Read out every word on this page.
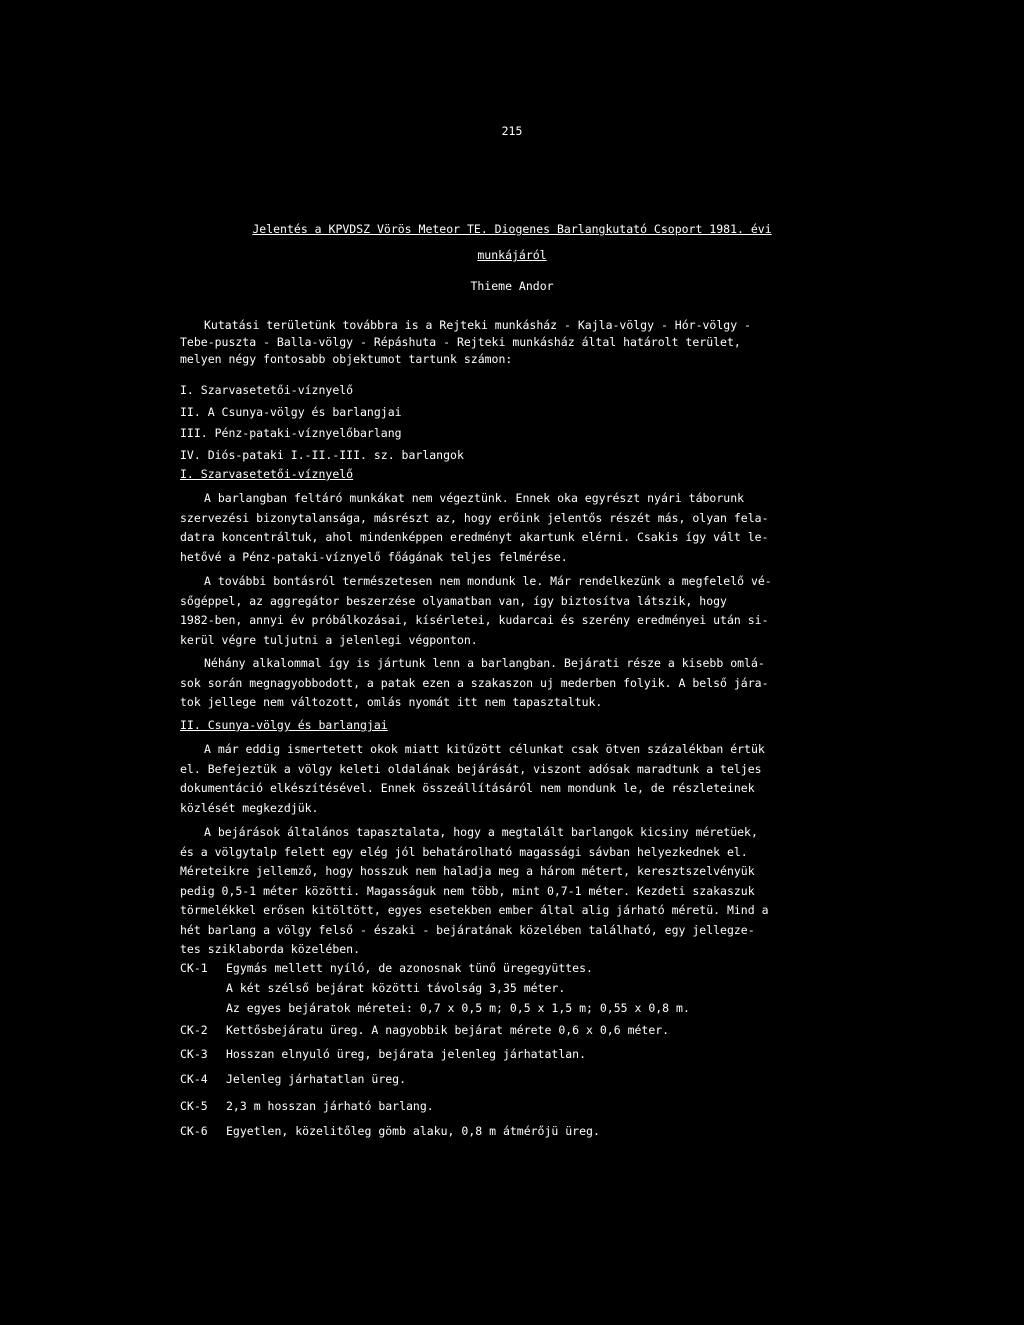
215
Jelentés a KPVDSZ Vörös Meteor TE. Diogenes Barlangkutató Csoport 1981. évi
munkájáról
Thieme Andor
Kutatási területünk továbbra is a Rejteki munkásház - Kajla-völgy - Hór-völgy -
Tebe-puszta - Balla-völgy - Répáshuta - Rejteki munkásház által határolt terület,
melyen négy fontosabb objektumot tartunk számon:
I. Szarvasetetői-víznyelő
II. A Csunya-völgy és barlangjai
III. Pénz-pataki-víznyelőbarlang
IV. Diós-pataki I.-II.-III. sz. barlangok
I. Szarvasetetői-víznyelő
A barlangban feltáró munkákat nem végeztünk. Ennek oka egyrészt nyári táborunk
szervezési bizonytalansága, másrészt az, hogy erőink jelentős részét más, olyan fela-
datra koncentráltuk, ahol mindenképpen eredményt akartunk elérni. Csakis így vált le-
hetővé a Pénz-pataki-víznyelő főágának teljes felmérése.
A további bontásról természetesen nem mondunk le. Már rendelkezünk a megfelelő vé-
sőgéppel, az aggregátor beszerzése olyamatban van, így biztosítva látszik, hogy
1982-ben, annyi év próbálkozásai, kísérletei, kudarcai és szerény eredményei után si-
kerül végre tuljutni a jelenlegi végponton.
Néhány alkalommal így is jártunk lenn a barlangban. Bejárati része a kisebb omlá-
sok során megnagyobbodott, a patak ezen a szakaszon uj mederben folyik. A belső jára-
tok jellege nem változott, omlás nyomát itt nem tapasztaltuk.
II. Csunya-völgy és barlangjai
A már eddig ismertetett okok miatt kitűzött célunkat csak ötven százalékban értük
el. Befejeztük a völgy keleti oldalának bejárását, viszont adósak maradtunk a teljes
dokumentáció elkészítésével. Ennek összeállításáról nem mondunk le, de részleteinek
közlését megkezdjük.
A bejárások általános tapasztalata, hogy a megtalált barlangok kicsiny méretüek,
és a völgytalp felett egy elég jól behatárolható magassági sávban helyezkednek el.
Méreteikre jellemző, hogy hosszuk nem haladja meg a három métert, keresztszelvényük
pedig 0,5-1 méter közötti. Magasságuk nem több, mint 0,7-1 méter. Kezdeti szakaszuk
törmelékkel erősen kitöltött, egyes esetekben ember által alig járható méretü. Mind a
hét barlang a völgy felső - északi - bejáratának közelében található, egy jellegze-
tes sziklaborda közelében.
CK-1 Egymás mellett nyíló, de azonosnak tünő üregegyüttes.
A két szélső bejárat közötti távolság 3,35 méter.
Az egyes bejáratok méretei: 0,7 x 0,5 m; 0,5 x 1,5 m; 0,55 x 0,8 m.
CK-2 Kettősbejáratu üreg. A nagyobbik bejárat mérete 0,6 x 0,6 méter.
CK-3 Hosszan elnyuló üreg, bejárata jelenleg járhatatlan.
CK-4 Jelenleg járhatatlan üreg.
CK-5 2,3 m hosszan járható barlang.
CK-6 Egyetlen, közelitőleg gömb alaku, 0,8 m átmérőjü üreg.
